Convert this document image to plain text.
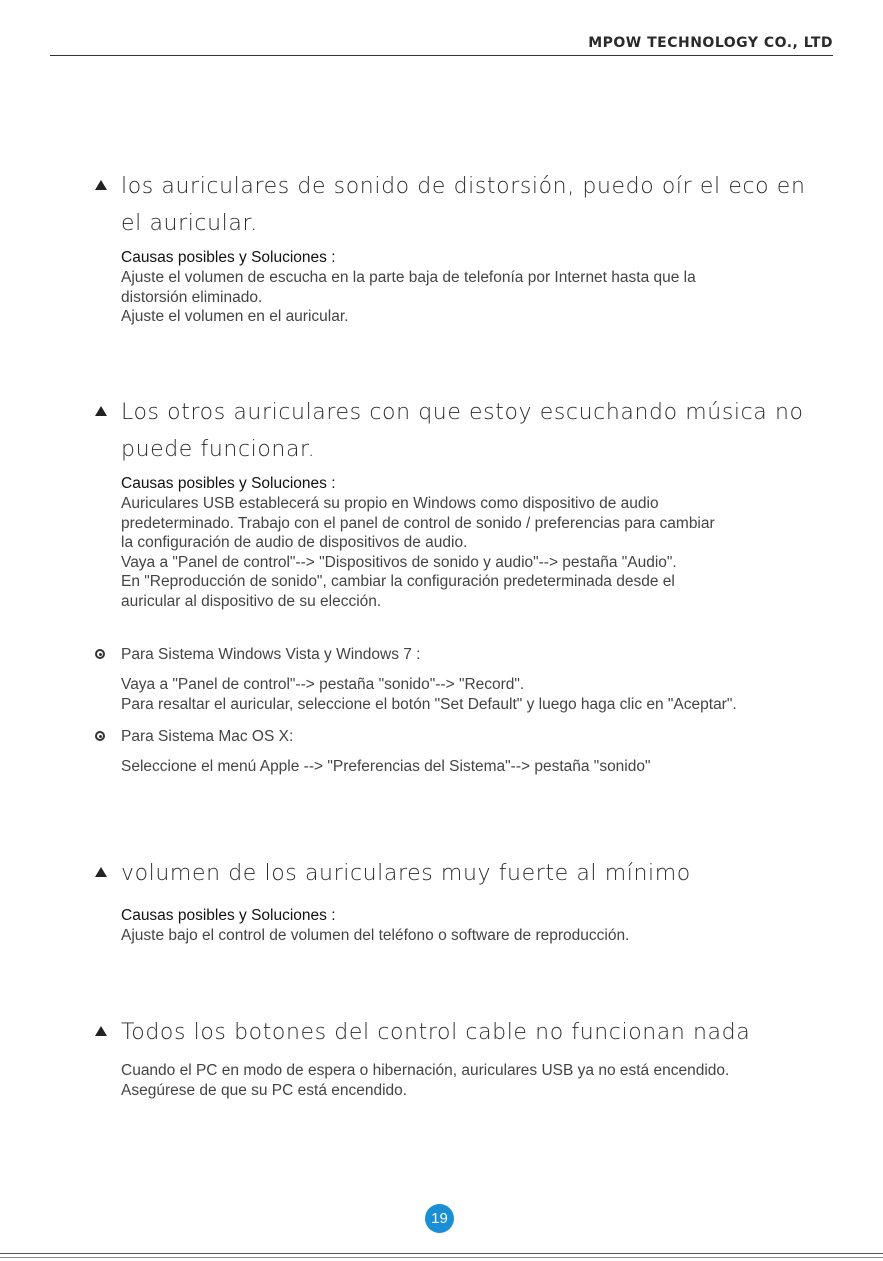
MPOW TECHNOLOGY CO., LTD
los auriculares de sonido de distorsión, puedo oír el eco en
el auricular.
Causas posibles y Soluciones :
Ajuste el volumen de escucha en la parte baja de telefonía por Internet hasta que la
distorsión eliminado.
Ajuste el volumen en el auricular.
Los otros auriculares con que estoy escuchando música no
puede funcionar.
Causas posibles y Soluciones :
Auriculares USB establecerá su propio en Windows como dispositivo de audio
predeterminado. Trabajo con el panel de control de sonido / preferencias para cambiar
la configuración de audio de dispositivos de audio.
Vaya a "Panel de control"--> "Dispositivos de sonido y audio"--> pestaña "Audio".
En "Reproducción de sonido", cambiar la configuración predeterminada desde el
auricular al dispositivo de su elección.
Para Sistema Windows Vista y Windows 7 :
Vaya a "Panel de control"--> pestaña "sonido"--> "Record".
Para resaltar el auricular, seleccione el botón "Set Default" y luego haga clic en "Aceptar".
Para Sistema Mac OS X:
Seleccione el menú Apple --> "Preferencias del Sistema"--> pestaña "sonido"
volumen de los auriculares muy fuerte al mínimo
Causas posibles y Soluciones :
Ajuste bajo el control de volumen del teléfono o software de reproducción.
Todos los botones del control cable no funcionan nada
Cuando el PC en modo de espera o hibernación, auriculares USB ya no está encendido.
Asegúrese de que su PC está encendido.
19
